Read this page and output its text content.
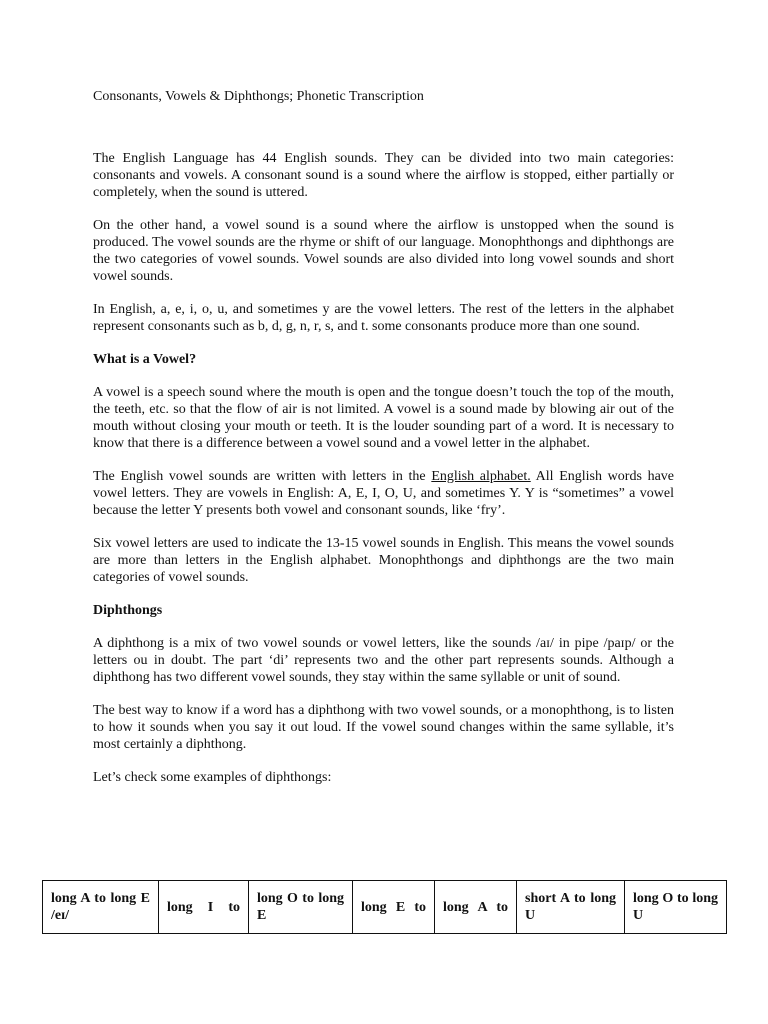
Consonants, Vowels & Diphthongs; Phonetic Transcription

The English Language has 44 English sounds. They can be divided into two main categories: consonants and vowels. A consonant sound is a sound where the airflow is stopped, either partially or completely, when the sound is uttered.

On the other hand, a vowel sound is a sound where the airflow is unstopped when the sound is produced. The vowel sounds are the rhyme or shift of our language. Monophthongs and diphthongs are the two categories of vowel sounds. Vowel sounds are also divided into long vowel sounds and short vowel sounds.

In English, a, e, i, o, u, and sometimes y are the vowel letters. The rest of the letters in the alphabet represent consonants such as b, d, g, n, r, s, and t. some consonants produce more than one sound.

What is a Vowel?

A vowel is a speech sound where the mouth is open and the tongue doesn’t touch the top of the mouth, the teeth, etc. so that the flow of air is not limited. A vowel is a sound made by blowing air out of the mouth without closing your mouth or teeth. It is the louder sounding part of a word. It is necessary to know that there is a difference between a vowel sound and a vowel letter in the alphabet.

The English vowel sounds are written with letters in the English alphabet. All English words have vowel letters. They are vowels in English: A, E, I, O, U, and sometimes Y. Y is “sometimes” a vowel because the letter Y presents both vowel and consonant sounds, like ‘fry’.

Six vowel letters are used to indicate the 13-15 vowel sounds in English. This means the vowel sounds are more than letters in the English alphabet. Monophthongs and diphthongs are the two main categories of vowel sounds.

Diphthongs

A diphthong is a mix of two vowel sounds or vowel letters, like the sounds /aɪ/ in pipe /paɪp/ or the letters ou in doubt. The part ‘di’ represents two and the other part represents sounds. Although a diphthong has two different vowel sounds, they stay within the same syllable or unit of sound.

The best way to know if a word has a diphthong with two vowel sounds, or a monophthong, is to listen to how it sounds when you say it out loud. If the vowel sound changes within the same syllable, it’s most certainly a diphthong.

Let’s check some examples of diphthongs:

long A to long E /eɪ/	long I to	long O to long E	long E to	long A to	short A to long U	long O to long U
